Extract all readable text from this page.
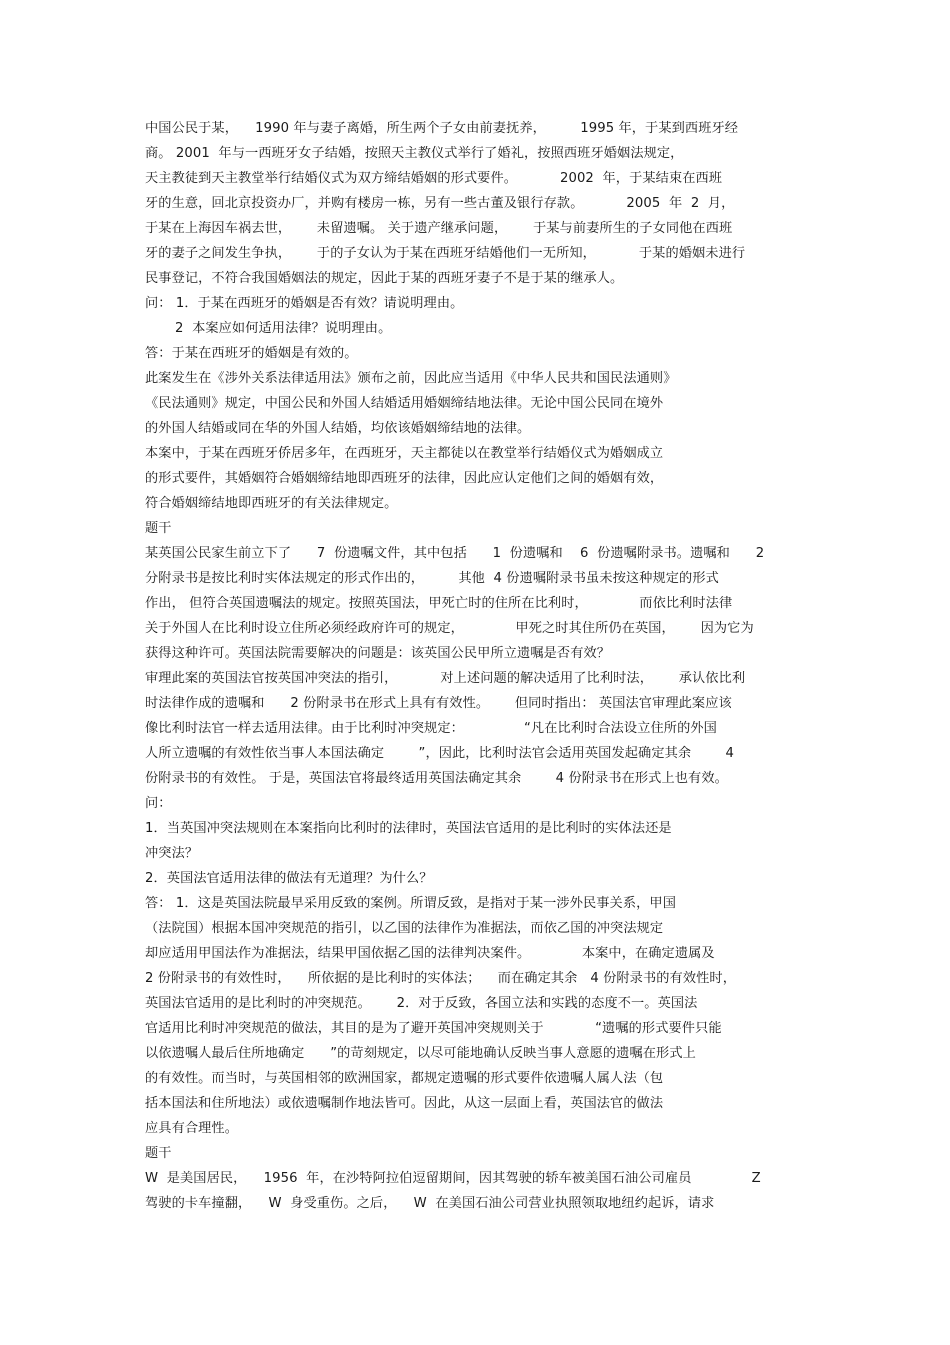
中国公民于某，    1990 年与妻子离婚，所生两个子女由前妻抚养，        1995 年，于某到西班牙经
商。 2001  年与一西班牙女子结婚，按照天主教仪式举行了婚礼，按照西班牙婚姻法规定，
天主教徒到天主教堂举行结婚仪式为双方缔结婚姻的形式要件。          2002  年，于某结束在西班
牙的生意，回北京投资办厂，并购有楼房一栋，另有一些古董及银行存款。          2005  年  2  月，
于某在上海因车祸去世，      未留遗嘱。 关于遗产继承问题，      于某与前妻所生的子女同他在西班
牙的妻子之间发生争执，      于的子女认为于某在西班牙结婚他们一无所知，          于某的婚姻未进行
民事登记，不符合我国婚姻法的规定，因此于某的西班牙妻子不是于某的继承人。
问： 1．于某在西班牙的婚姻是否有效？请说明理由。
2  本案应如何适用法律？说明理由。
答：于某在西班牙的婚姻是有效的。
此案发生在《涉外关系法律适用法》颁布之前，因此应当适用《中华人民共和国民法通则》
《民法通则》规定，中国公民和外国人结婚适用婚姻缔结地法律。无论中国公民同在境外
的外国人结婚或同在华的外国人结婚，均依该婚姻缔结地的法律。
本案中，于某在西班牙侨居多年，在西班牙，天主都徒以在教堂举行结婚仪式为婚姻成立
的形式要件，其婚姻符合婚姻缔结地即西班牙的法律，因此应认定他们之间的婚姻有效，
符合婚姻缔结地即西班牙的有关法律规定。
题干
某英国公民家生前立下了      7  份遗嘱文件，其中包括      1  份遗嘱和    6  份遗嘱附录书。遗嘱和      2
分附录书是按比利时实体法规定的形式作出的，        其他  4 份遗嘱附录书虽未按这种规定的形式
作出， 但符合英国遗嘱法的规定。按照英国法，甲死亡时的住所在比利时，            而依比利时法律
关于外国人在比利时设立住所必须经政府许可的规定，            甲死之时其住所仍在英国，      因为它为
获得这种许可。英国法院需要解决的问题是：该英国公民甲所立遗嘱是否有效？
审理此案的英国法官按英国冲突法的指引，          对上述问题的解决适用了比利时法，      承认依比利
时法律作成的遗嘱和      2 份附录书在形式上具有有效性。      但同时指出： 英国法官审理此案应该
像比利时法官一样去适用法律。由于比利时冲突规定：              “凡在比利时合法设立住所的外国
人所立遗嘱的有效性依当事人本国法确定        ”，因此，比利时法官会适用英国发起确定其余        4
份附录书的有效性。 于是，英国法官将最终适用英国法确定其余        4 份附录书在形式上也有效。
问：
1．当英国冲突法规则在本案指向比利时的法律时，英国法官适用的是比利时的实体法还是
冲突法？
2．英国法官适用法律的做法有无道理？为什么？
答： 1．这是英国法院最早采用反致的案例。所谓反致，是指对于某一涉外民事关系，甲国
（法院国）根据本国冲突规范的指引，以乙国的法律作为准据法，而依乙国的冲突法规定
却应适用甲国法作为准据法，结果甲国依据乙国的法律判决案件。            本案中，在确定遗属及
2 份附录书的有效性时，    所依据的是比利时的实体法；    而在确定其余   4 份附录书的有效性时，
英国法官适用的是比利时的冲突规范。      2．对于反致，各国立法和实践的态度不一。英国法
官适用比利时冲突规范的做法，其目的是为了避开英国冲突规则关于            “遗嘱的形式要件只能
以依遗嘱人最后住所地确定      ”的苛刻规定，以尽可能地确认反映当事人意愿的遗嘱在形式上
的有效性。而当时，与英国相邻的欧洲国家，都规定遗嘱的形式要件依遗嘱人属人法（包
括本国法和住所地法）或依遗嘱制作地法皆可。因此，从这一层面上看，英国法官的做法
应具有合理性。
题干
W  是美国居民，    1956  年，在沙特阿拉伯逗留期间，因其驾驶的轿车被美国石油公司雇员              Z
驾驶的卡车撞翻，    W  身受重伤。之后，    W  在美国石油公司营业执照领取地纽约起诉，请求
